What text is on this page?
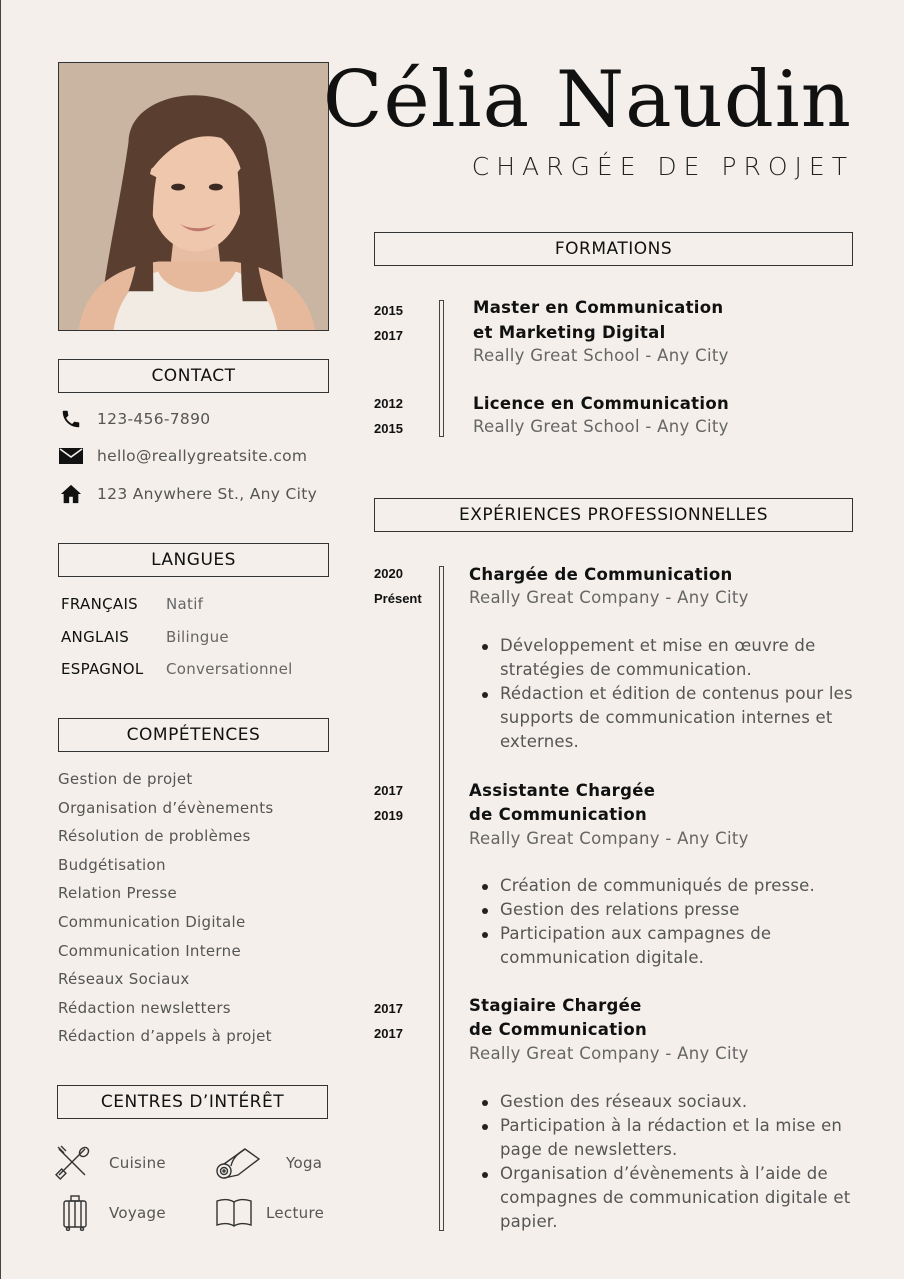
Célia Naudin
CHARGÉE DE PROJET
CONTACT
123-456-7890
hello@reallygreatsite.com
123 Anywhere St., Any City
LANGUES
FRANÇAIS	Natif
ANGLAIS	Bilingue
ESPAGNOL	Conversationnel
COMPÉTENCES
Gestion de projet
Organisation d’évènements
Résolution de problèmes
Budgétisation
Relation Presse
Communication Digitale
Communication Interne
Réseaux Sociaux
Rédaction newsletters
Rédaction d’appels à projet
CENTRES D’INTÉRÊT
Cuisine	Yoga
Voyage	Lecture
FORMATIONS
2015
2017
Master en Communication
et Marketing Digital
Really Great School - Any City
2012
2015
Licence en Communication
Really Great School - Any City
EXPÉRIENCES PROFESSIONNELLES
2020
Présent
Chargée de Communication
Really Great Company - Any City
Développement et mise en œuvre de stratégies de communication.
Rédaction et édition de contenus pour les supports de communication internes et externes.
2017
2019
Assistante Chargée
de Communication
Really Great Company - Any City
Création de communiqués de presse.
Gestion des relations presse
Participation aux campagnes de communication digitale.
2017
2017
Stagiaire Chargée
de Communication
Really Great Company - Any City
Gestion des réseaux sociaux.
Participation à la rédaction et la mise en page de newsletters.
Organisation d’évènements à l’aide de compagnes de communication digitale et papier.
